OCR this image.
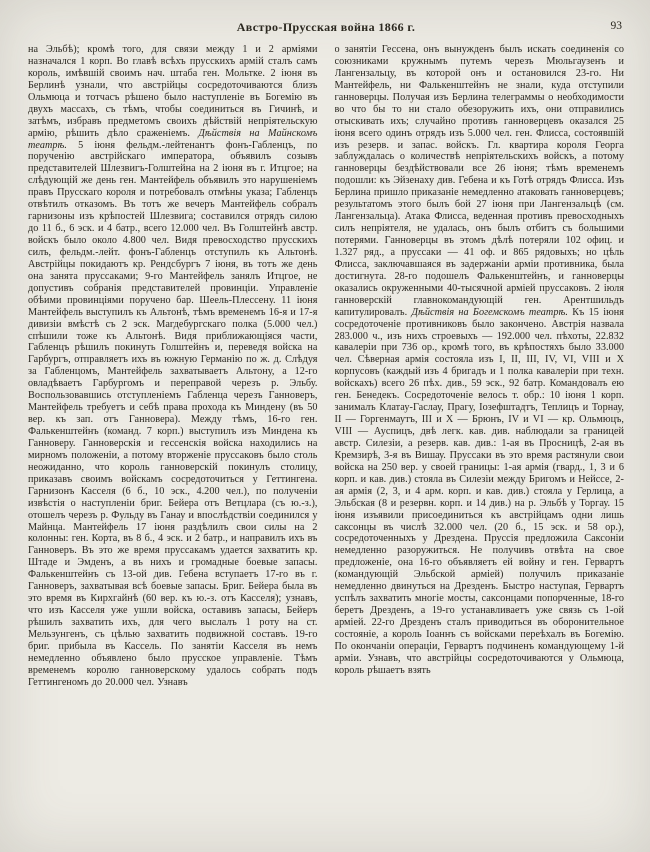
Австро-Прусская война 1866 г.	93
на Эльбѣ); кромѣ того, для связи между 1 и 2 арміями назначался 1 корп. Во главѣ всѣхъ прусскихъ армій сталъ самъ король, имѣвшій своимъ нач. штаба ген. Мольтке. 2 іюня въ Берлинѣ узнали, что австрійцы сосредоточиваются близъ Ольмюца и тотчасъ рѣшено было наступленіе въ Богемію въ двухъ массахъ, съ тѣмъ, чтобы соединиться въ Гичинѣ, и затѣмъ, избравъ предметомъ своихъ дѣйствій непріятельскую армію, рѣшить дѣло сраженіемъ. Дѣйствія на Майнскомъ театрѣ. 5 іюня фельдм.-лейтенантъ фонъ-Габленцъ, по порученію австрійскаго императора, объявилъ созывъ представителей Шлезвигъ-Голштейна на 2 іюня въ г. Итцгое; на слѣдующій же день ген. Мантейфель объявилъ это нарушеніемъ правъ Прусскаго короля и потребовалъ отмѣны указа; Габленцъ отвѣтилъ отказомъ. Въ тотъ же вечеръ Мантейфель собралъ гарнизоны изъ крѣпостей Шлезвига; составился отрядъ силою до 11 б., 6 эск. и 4 батр., всего 12.000 чел. Въ Голштейнѣ австр. войскъ было около 4.800 чел. Видя превосходство прусскихъ силъ, фельдм.-лейт. фонъ-Габленцъ отступилъ къ Альтонѣ. Австрійцы покидаютъ кр. Рендсбургъ 7 іюня, въ тотъ же день она занята пруссаками; 9-го Мантейфель занялъ Итцгое, не допустивъ собранія представителей провинціи. Управленіе обѣими провинціями поручено бар. Шеель-Плессену. 11 іюня Мантейфель выступилъ къ Альтонѣ, тѣмъ временемъ 16-я и 17-я дивизіи вмѣстѣ съ 2 эск. Магдебургскаго полка (5.000 чел.) спѣшили тоже къ Альтонѣ. Видя приближающіяся части, Габленцъ рѣшилъ покинуть Голштейнъ и, переведя войска на Гарбургъ, отправляетъ ихъ въ южную Германію по ж. д. Слѣдуя за Габленцомъ, Мантейфель захватываетъ Альтону, а 12-го овладѣваетъ Гарбургомъ и переправой черезъ р. Эльбу. Воспользовавшись отступленіемъ Габленца черезъ Ганноверъ, Мантейфель требуетъ и себѣ права прохода къ Миндену (въ 50 вер. къ зап. отъ Ганновера). Между тѣмъ, 16-го ген. Фалькенштейнъ (команд. 7 корп.) выступилъ изъ Миндена къ Ганноверу. Ганноверскія и гессенскія войска находились на мирномъ положеніи, а потому вторженіе пруссаковъ было столь неожиданно, что король ганноверскій покинулъ столицу, приказавъ своимъ войскамъ сосредоточиться у Геттингена. Гарнизонъ Касселя (6 б., 10 эск., 4.200 чел.), по полученіи извѣстія о наступленіи бриг. Бейера отъ Ветцлара (съ ю.-з.), отошелъ черезъ р. Фульду въ Ганау и впослѣдствіи соединился у Майнца. Мантейфель 17 іюня раздѣлилъ свои силы на 2 колонны: ген. Корта, въ 8 б., 4 эск. и 2 батр., и направилъ ихъ въ Ганноверъ. Въ это же время пруссакамъ удается захватить кр. Штаде и Эмденъ, а въ нихъ и громадные боевые запасы. Фалькенштейнъ съ 13-ой див. Гебена вступаетъ 17-го въ г. Ганноверъ, захватывая всѣ боевые запасы. Бриг. Бейера была въ это время въ Кирхгайнѣ (60 вер. къ ю.-з. отъ Касселя); узнавъ, что изъ Касселя уже ушли войска, оставивъ запасы, Бейеръ рѣшилъ захватить ихъ, для чего выслалъ 1 роту на ст. Мельзунгенъ, съ цѣлью захватить подвижной составъ. 19-го бриг. прибыла въ Кассель. По занятіи Касселя въ немъ немедленно объявлено было прусское управленіе. Тѣмъ временемъ королю ганноверскому удалось собрать подъ Геттингеномъ до 20.000 чел. Узнавъ
о занятіи Гессена, онъ вынужденъ былъ искать соединенія со союзниками кружнымъ путемъ черезъ Мюльгаузенъ и Лангензальцу, въ которой онъ и остановился 23-го. Ни Мантейфель, ни Фалькенштейнъ не знали, куда отступили ганноверцы. Получая изъ Берлина телеграммы о необходимости во что бы то ни стало обезоружить ихъ, они отправились отыскивать ихъ; случайно противъ ганноверцевъ оказался 25 іюня всего одинъ отрядъ изъ 5.000 чел. ген. Флисса, состоявшій изъ резерв. и запас. войскъ. Гл. квартира короля Георга заблуждалась о количествѣ непріятельскихъ войскъ, а потому ганноверцы бездѣйствовали все 26 іюня; тѣмъ временемъ подошли: къ Эйзенаху див. Гебена и къ Готѣ отрядъ Флисса. Изъ Берлина пришло приказаніе немедленно атаковать ганноверцевъ; результатомъ этого былъ бой 27 іюня при Лангензальцѣ (см. Лангензальца). Атака Флисса, веденная противъ превосходныхъ силъ непріятеля, не удалась, онъ былъ отбитъ съ большими потерями. Ганноверцы въ этомъ дѣлѣ потеряли 102 офиц. и 1.327 ряд., а пруссаки — 41 оф. и 865 рядовыхъ; но цѣль Флисса, заключавшаяся въ задержаніи арміи противника, была достигнута. 28-го подошелъ Фалькенштейнъ, и ганноверцы оказались окруженными 40-тысячной арміей пруссаковъ. 2 іюля ганноверскій главнокомандующій ген. Арентшильдъ капитулировалъ. Дѣйствія на Богемскомъ театрѣ. Къ 15 іюня сосредоточеніе противниковъ было закончено. Австрія назвала 283.000 ч., изъ нихъ строевыхъ — 192.000 чел. пѣхоты, 22.832 кавалеріи при 736 ор., кромѣ того, въ крѣпостяхъ было 33.000 чел. Сѣверная армія состояла изъ I, II, III, IV, VI, VIII и X корпусовъ (каждый изъ 4 бригадъ и 1 полка кавалеріи при техн. войскахъ) всего 26 пѣх. див., 59 эск., 92 батр. Командовалъ ею ген. Бенедекъ. Сосредоточеніе велось т. обр.: 10 іюня 1 корп. занималъ Клатау-Гаслау, Прагу, Іозефштадтъ, Теплицъ и Торнау, II — Горгенмаутъ, III и X — Брюнъ, IV и VI — кр. Ольмюцъ, VIII — Ауспицъ, двѣ легк. кав. див. наблюдали за границей австр. Силезіи, а резерв. кав. див.: 1-ая въ Просницѣ, 2-ая въ Кремзирѣ, 3-я въ Вишау. Пруссаки въ это время растянули свои войска на 250 вер. у своей границы: 1-ая армія (гвард., 1, 3 и 6 корп. и кав. див.) стояла въ Силезіи между Бригомъ и Нейссе, 2-ая армія (2, 3, и 4 арм. корп. и кав. див.) стояла у Герлица, а Эльбская (8 и резервн. корп. и 14 див.) на р. Эльбѣ у Торгау. 15 іюня изъявили присоединиться къ австрійцамъ одни лишь саксонцы въ числѣ 32.000 чел. (20 б., 15 эск. и 58 ор.), сосредоточенныхъ у Дрездена. Пруссія предложила Саксоніи немедленно разоружиться. Не получивъ отвѣта на свое предложеніе, она 16-го объявляетъ ей войну и ген. Гервартъ (командующій Эльбской арміей) получилъ приказаніе немедленно двинуться на Дрезденъ. Быстро наступая, Гервартъ успѣлъ захватить многіе мосты, саксонцами попорченные, 18-го беретъ Дрезденъ, а 19-го устанавливаетъ уже связь съ 1-ой арміей. 22-го Дрезденъ сталъ приводиться въ оборонительное состояніе, а король Іоаннъ съ войсками переѣхалъ въ Богемію. По окончаніи операціи, Гервартъ подчиненъ командующему 1-й арміи. Узнавъ, что австрійцы сосредоточиваются у Ольмюца, король рѣшаетъ взять
